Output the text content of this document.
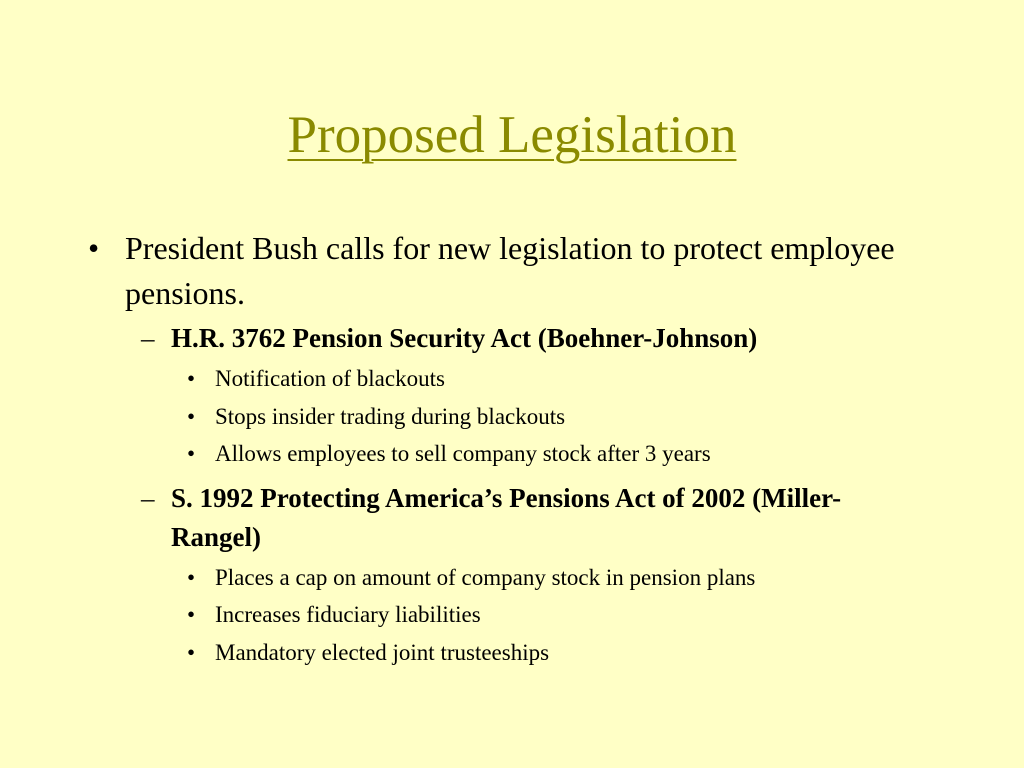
Proposed Legislation
• President Bush calls for new legislation to protect employee pensions.
– H.R. 3762 Pension Security Act (Boehner-Johnson)
• Notification of blackouts
• Stops insider trading during blackouts
• Allows employees to sell company stock after 3 years
– S. 1992 Protecting America’s Pensions Act of 2002 (Miller-Rangel)
• Places a cap on amount of company stock in pension plans
• Increases fiduciary liabilities
• Mandatory elected joint trusteeships
